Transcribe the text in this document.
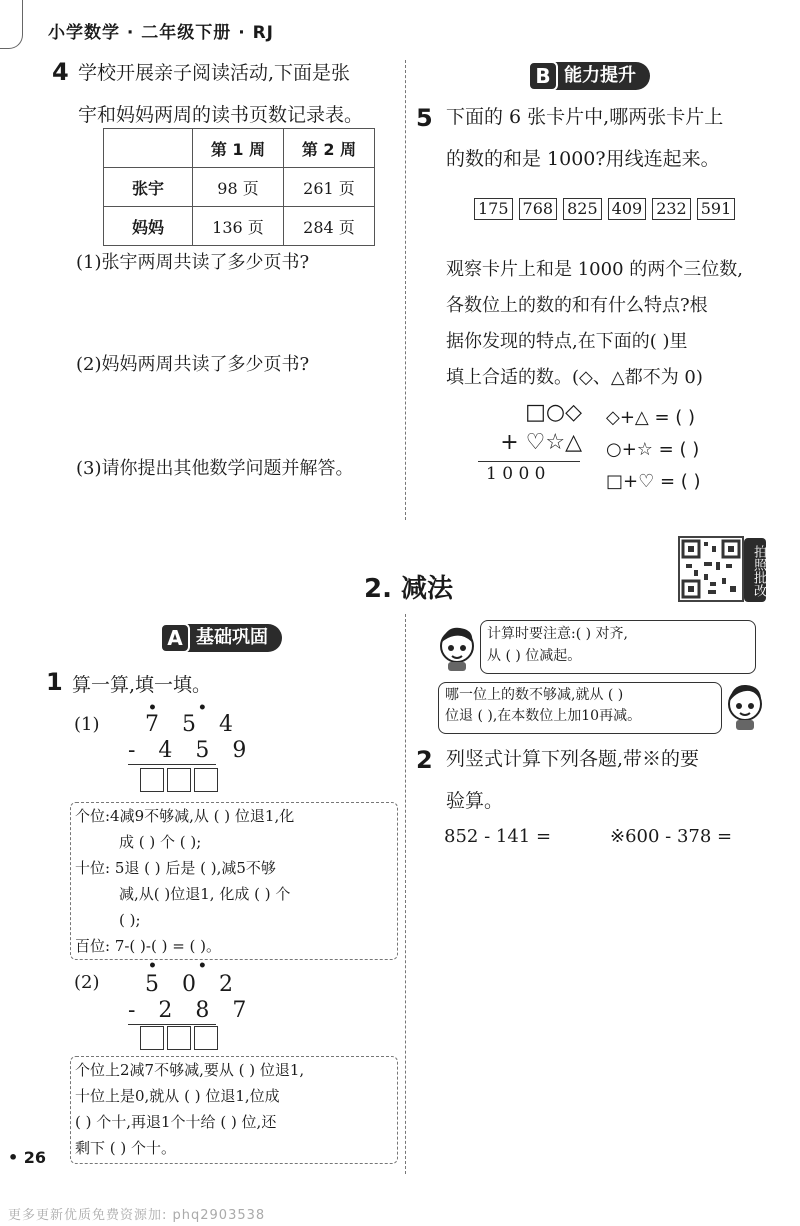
小学数学 · 二年级下册 · RJ
4 学校开展亲子阅读活动,下面是张
宇和妈妈两周的读书页数记录表。
	第 1 周	第 2 周
张宇	98 页	261 页
妈妈	136 页	284 页
(1)张宇两周共读了多少页书?
(2)妈妈两周共读了多少页书?
(3)请你提出其他数学问题并解答。
B 能力提升
5 下面的 6 张卡片中,哪两张卡片上
的数的和是 1000?用线连起来。
175 768 825 409 232 591
观察卡片上和是 1000 的两个三位数,
各数位上的数的和有什么特点?根
据你发现的特点,在下面的( )里
填上合适的数。(◇、△都不为 0)
□○◇
+ ♡☆△
1 0 0 0
◇+△ = ( )
○+☆ = ( )
□+♡ = ( )
拍照批改
2. 减法
A 基础巩固
1 算一算,填一填。
(1)
• •
7 5 4
- 4 5 9
个位:4减9不够减,从 ( ) 位退1,化
成 ( ) 个 ( );
十位: 5退 ( ) 后是 ( ),减5不够
减,从( )位退1, 化成 ( ) 个
( );
百位: 7-( )-( ) = ( )。
(2)
• •
5 0 2
- 2 8 7
个位上2减7不够减,要从 ( ) 位退1,
十位上是0,就从 ( ) 位退1,位成
( ) 个十,再退1个十给 ( ) 位,还
剩下 ( ) 个十。
计算时要注意:( ) 对齐,
从 ( ) 位减起。
哪一位上的数不够减,就从 ( )
位退 ( ),在本数位上加10再减。
2 列竖式计算下列各题,带※的要
验算。
852 - 141 =	※600 - 378 =
• 26
更多更新优质免费资源加: phq2903538
